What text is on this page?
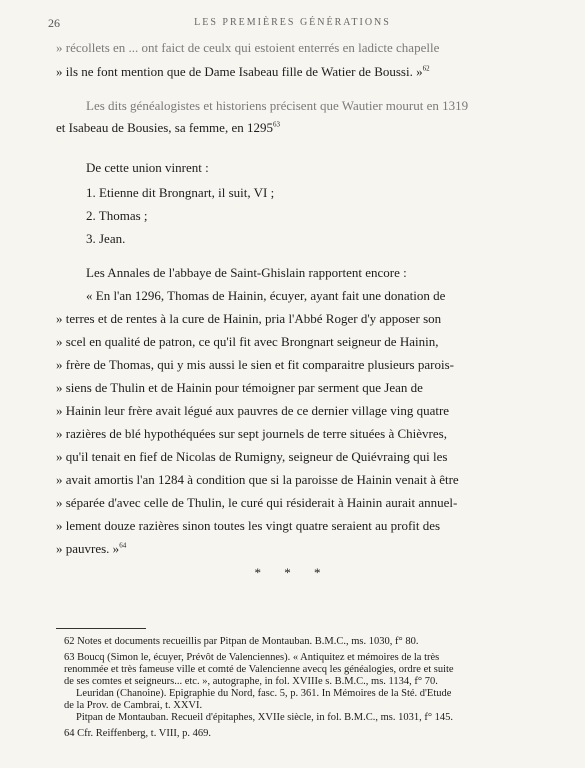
26	LES PREMIÈRES GÉNÉRATIONS
» récollets en ... ont faict de ceulx qui estoient enterrés en ladicte chapelle
» ils ne font mention que de Dame Isabeau fille de Watier de Boussi. »$^{62}$
Les dits généalogistes et historiens précisent que Wautier mourut en 1319
et Isabeau de Bousies, sa femme, en 1295$^{63}$
De cette union vinrent :
1. Etienne dit Brongnart, il suit, VI ;
2. Thomas ;
3. Jean.
Les Annales de l'abbaye de Saint-Ghislain rapportent encore :
« En l'an 1296, Thomas de Hainin, écuyer, ayant fait une donation de
» terres et de rentes à la cure de Hainin, pria l'Abbé Roger d'y apposer son
» scel en qualité de patron, ce qu'il fit avec Brongnart seigneur de Hainin,
» frère de Thomas, qui y mis aussi le sien et fit comparaitre plusieurs parois-
» siens de Thulin et de Hainin pour témoigner par serment que Jean de
» Hainin leur frère avait légué aux pauvres de ce dernier village ving quatre
» razières de blé hypothéquées sur sept journels de terre situées à Chièvres,
» qu'il tenait en fief de Nicolas de Rumigny, seigneur de Quiévraing qui les
» avait amortis l'an 1284 à condition que si la paroisse de Hainin venait à être
» séparée d'avec celle de Thulin, le curé qui résiderait à Hainin aurait annuel-
» lement douze razières sinon toutes les vingt quatre seraient au profit des
» pauvres. »$^{64}$
* * *
62 Notes et documents recueillis par Pitpan de Montauban. B.M.C., ms. 1030, f° 80.
63 Boucq (Simon le, écuyer, Prévôt de Valenciennes). « Antiquitez et mémoires de la très
renommée et très fameuse ville et comté de Valencienne avecq les généalogies, ordre et suite
de ses comtes et seigneurs... etc. », autographe, in fol. XVIIIe s. B.M.C., ms. 1134, f° 70.
Leuridan (Chanoine). Epigraphie du Nord, fasc. 5, p. 361. In Mémoires de la Sté. d'Etude
de la Prov. de Cambrai, t. XXVI.
Pitpan de Montauban. Recueil d'épitaphes, XVIIe siècle, in fol. B.M.C., ms. 1031, f° 145.
64 Cfr. Reiffenberg, t. VIII, p. 469.
